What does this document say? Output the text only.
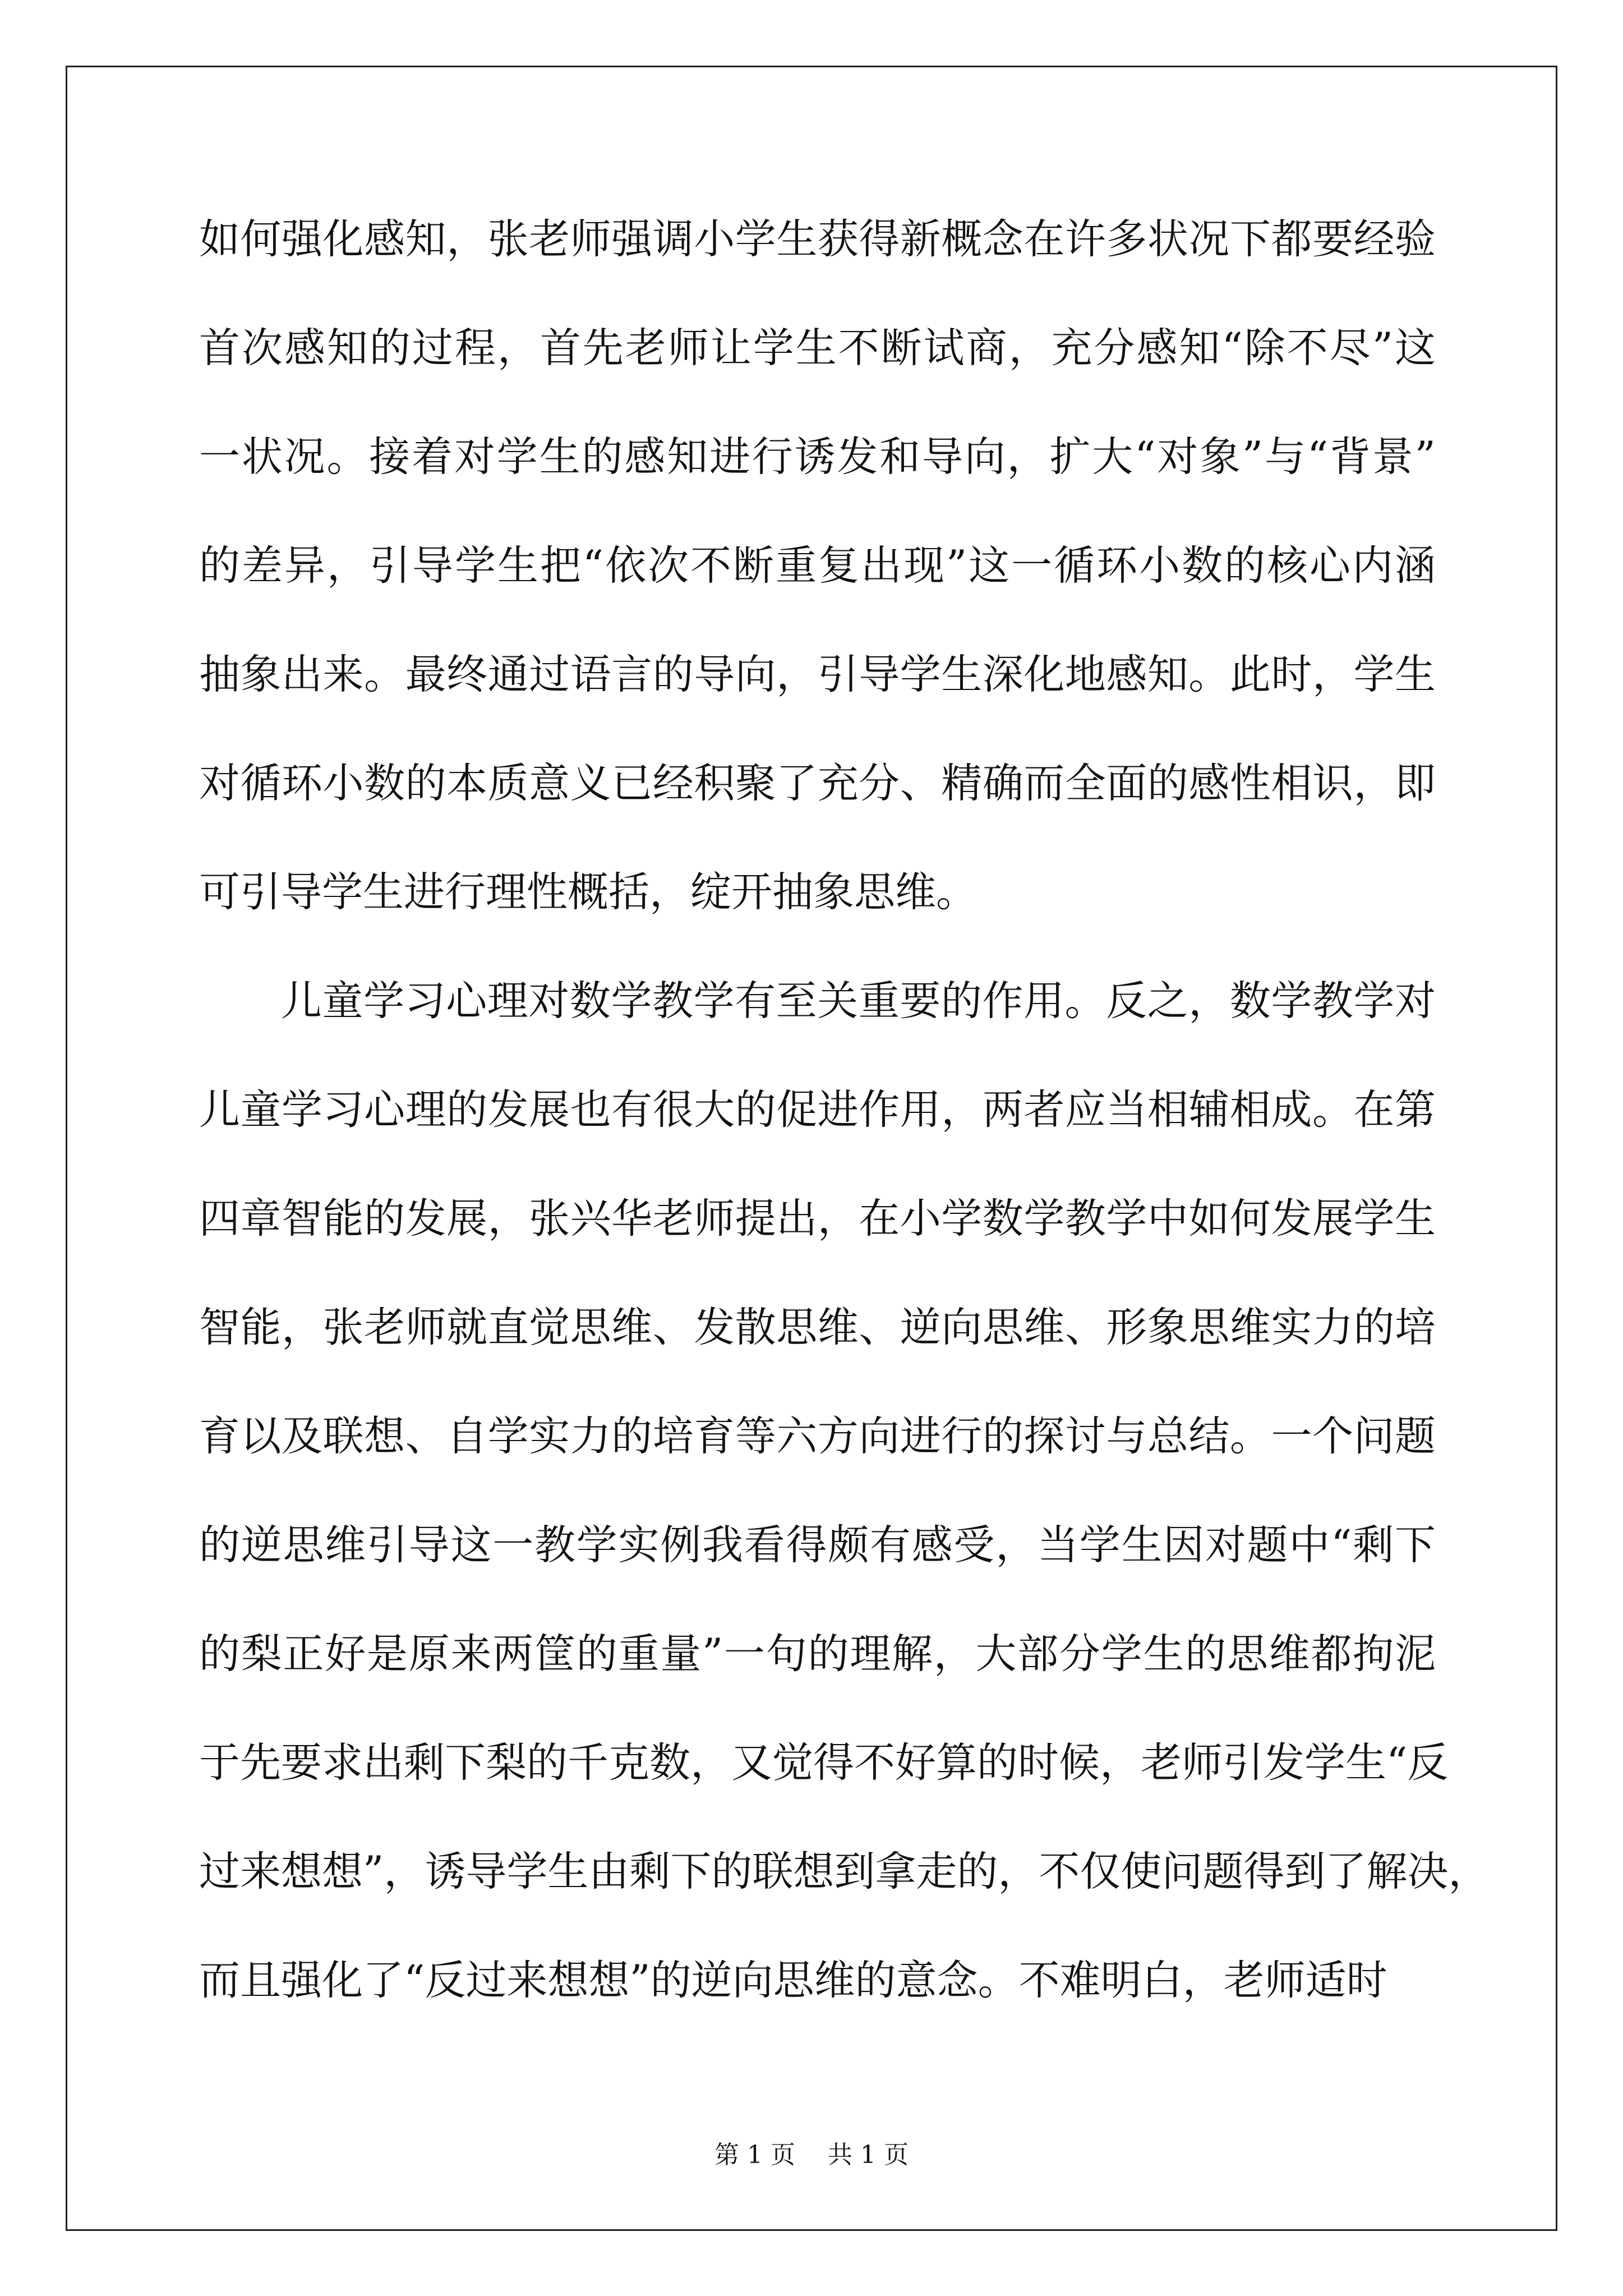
如何强化感知，张老师强调小学生获得新概念在许多状况下都要经验
首次感知的过程，首先老师让学生不断试商，充分感知“除不尽”这
一状况。接着对学生的感知进行诱发和导向，扩大“对象”与“背景”
的差异，引导学生把“依次不断重复出现”这一循环小数的核心内涵
抽象出来。最终通过语言的导向，引导学生深化地感知。此时，学生
对循环小数的本质意义已经积聚了充分、精确而全面的感性相识，即
可引导学生进行理性概括，绽开抽象思维。
儿童学习心理对数学教学有至关重要的作用。反之，数学教学对
儿童学习心理的发展也有很大的促进作用，两者应当相辅相成。在第
四章智能的发展，张兴华老师提出，在小学数学教学中如何发展学生
智能，张老师就直觉思维、发散思维、逆向思维、形象思维实力的培
育以及联想、自学实力的培育等六方向进行的探讨与总结。一个问题
的逆思维引导这一教学实例我看得颇有感受，当学生因对题中“剩下
的梨正好是原来两筐的重量”一句的理解，大部分学生的思维都拘泥
于先要求出剩下梨的千克数，又觉得不好算的时候，老师引发学生“反
过来想想”，诱导学生由剩下的联想到拿走的，不仅使问题得到了解决，
而且强化了“反过来想想”的逆向思维的意念。不难明白，老师适时
第 1 页 共 1 页
